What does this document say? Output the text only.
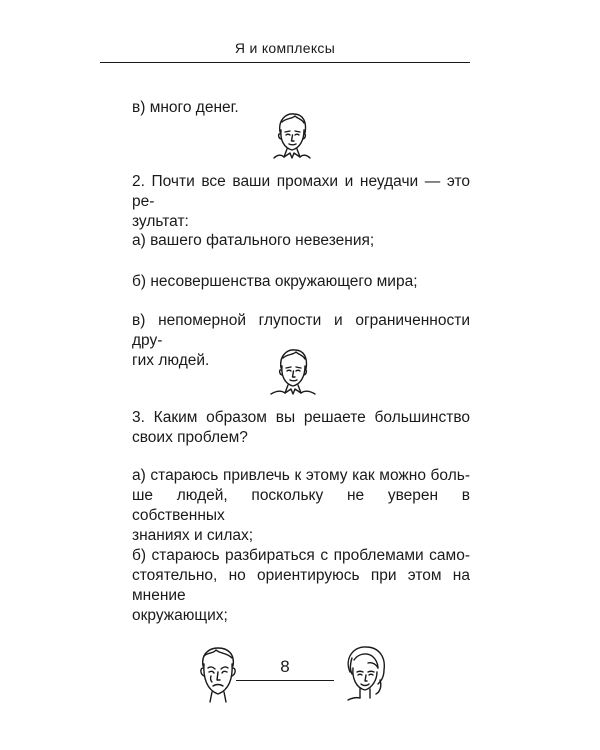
Я и комплексы

в) много денег.

2. Почти все ваши промахи и неудачи — это ре-
зультат:

а) вашего фатального невезения;

б) несовершенства окружающего мира;

в) непомерной глупости и ограниченности дру-
гих людей.

3. Каким образом вы решаете большинство
своих проблем?

а) стараюсь привлечь к этому как можно боль-
ше людей, поскольку не уверен в собственных
знаниях и силах;

б) стараюсь разбираться с проблемами само-
стоятельно, но ориентируюсь при этом на мнение
окружающих;

8
